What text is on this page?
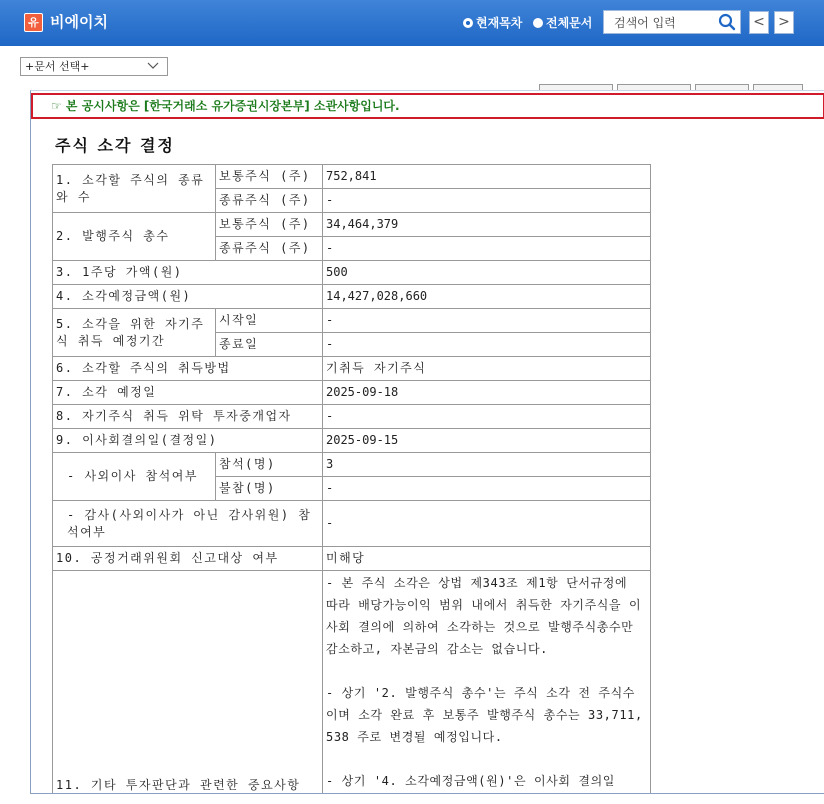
유 비에이치	현재목차	전체문서
검색어 입력	< >
+문서 선택+
☞ 본 공시사항은 [한국거래소 유가증권시장본부] 소관사항입니다.
주식 소각 결정
1. 소각할 주식의 종류와 수	보통주식 (주)	752,841
	종류주식 (주)	-
2. 발행주식 총수	보통주식 (주)	34,464,379
	종류주식 (주)	-
3. 1주당 가액(원)		500
4. 소각예정금액(원)		14,427,028,660
5. 소각을 위한 자기주식 취득 예정기간	시작일	-
	종료일	-
6. 소각할 주식의 취득방법		기취득 자기주식
7. 소각 예정일		2025-09-18
8. 자기주식 취득 위탁 투자중개업자		-
9. 이사회결의일(결정일)		2025-09-15
- 사외이사 참석여부	참석(명)	3
	불참(명)	-
- 감사(사외이사가 아닌 감사위원) 참석여부		-
10. 공정거래위원회 신고대상 여부		미해당
11. 기타 투자판단과 관련한 중요사항		- 본 주식 소각은 상법 제343조 제1항 단서규정에 따라 배당가능이익 범위 내에서 취득한 자기주식을 이사회 결의에 의하여 소각하는 것으로 발행주식총수만 감소하고, 자본금의 감소는 없습니다.

- 상기 '2. 발행주식 총수'는 주식 소각 전 주식수 이며 소각 완료 후 보통주 발행주식 총수는 33,711,538 주로 변경될 예정입니다.

- 상기 '4. 소각예정금액(원)'은 이사회 결의일
